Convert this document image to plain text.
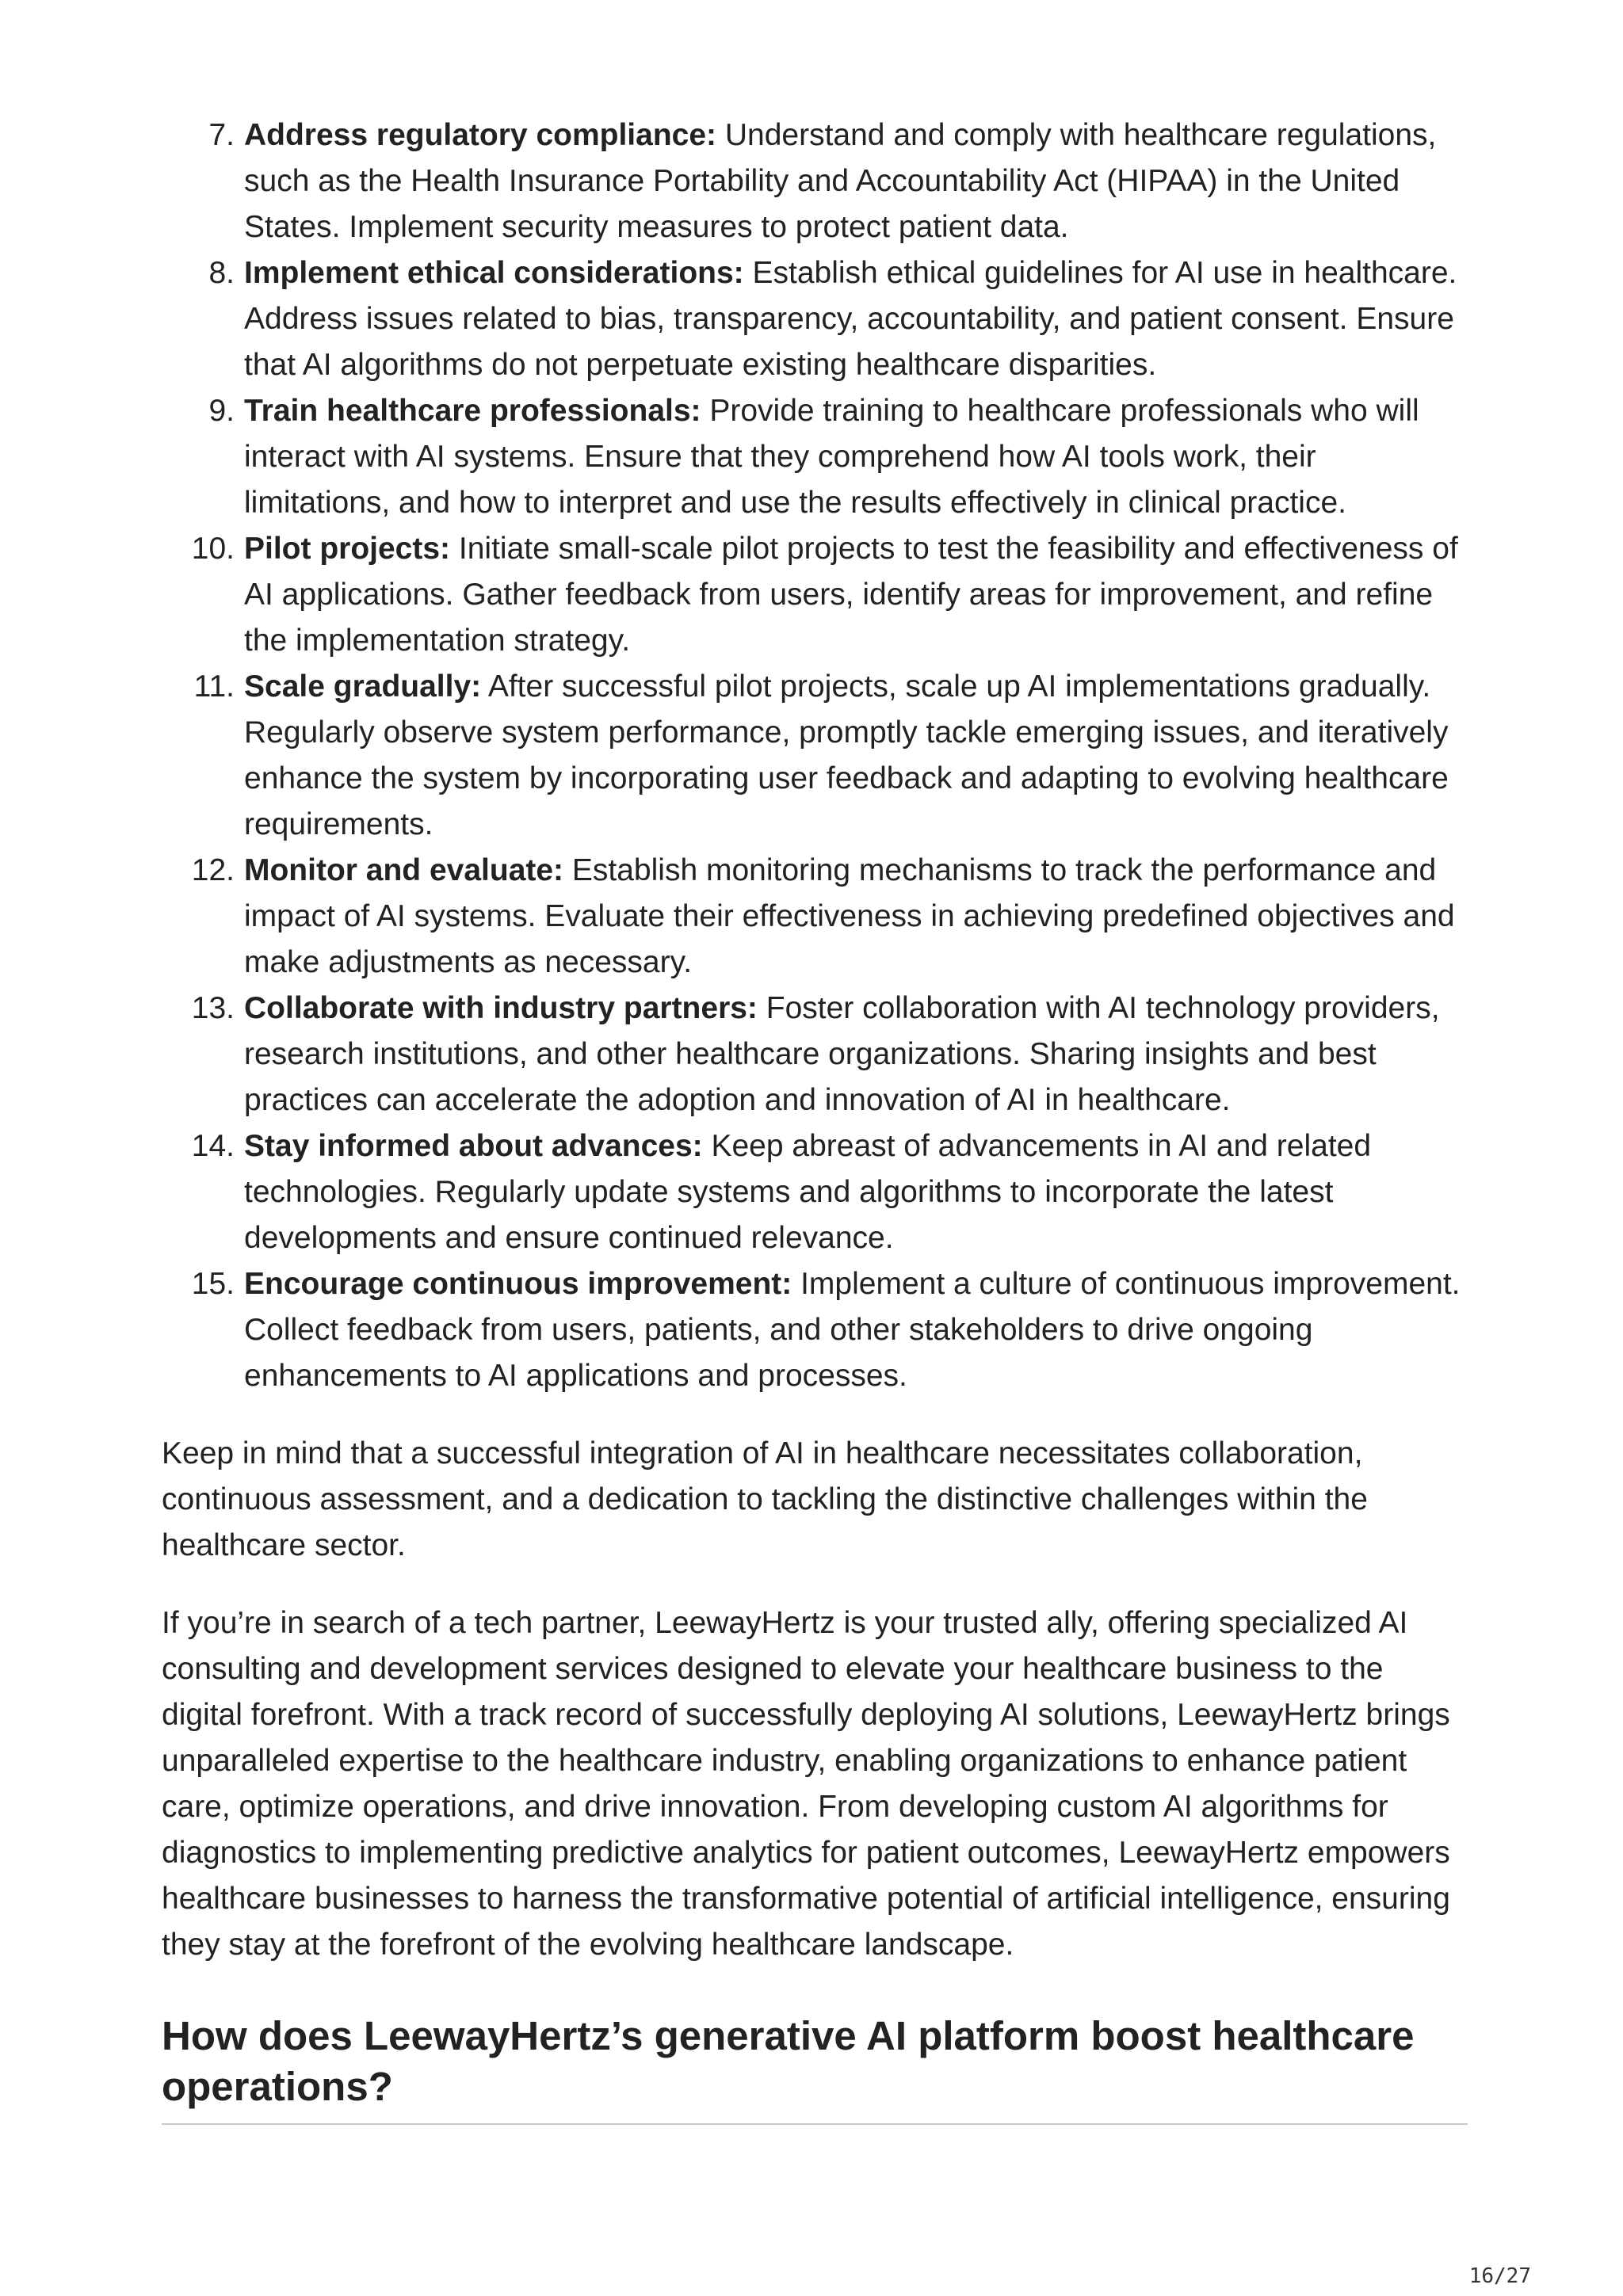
7. Address regulatory compliance: Understand and comply with healthcare regulations, such as the Health Insurance Portability and Accountability Act (HIPAA) in the United States. Implement security measures to protect patient data.
8. Implement ethical considerations: Establish ethical guidelines for AI use in healthcare. Address issues related to bias, transparency, accountability, and patient consent. Ensure that AI algorithms do not perpetuate existing healthcare disparities.
9. Train healthcare professionals: Provide training to healthcare professionals who will interact with AI systems. Ensure that they comprehend how AI tools work, their limitations, and how to interpret and use the results effectively in clinical practice.
10. Pilot projects: Initiate small-scale pilot projects to test the feasibility and effectiveness of AI applications. Gather feedback from users, identify areas for improvement, and refine the implementation strategy.
11. Scale gradually: After successful pilot projects, scale up AI implementations gradually. Regularly observe system performance, promptly tackle emerging issues, and iteratively enhance the system by incorporating user feedback and adapting to evolving healthcare requirements.
12. Monitor and evaluate: Establish monitoring mechanisms to track the performance and impact of AI systems. Evaluate their effectiveness in achieving predefined objectives and make adjustments as necessary.
13. Collaborate with industry partners: Foster collaboration with AI technology providers, research institutions, and other healthcare organizations. Sharing insights and best practices can accelerate the adoption and innovation of AI in healthcare.
14. Stay informed about advances: Keep abreast of advancements in AI and related technologies. Regularly update systems and algorithms to incorporate the latest developments and ensure continued relevance.
15. Encourage continuous improvement: Implement a culture of continuous improvement. Collect feedback from users, patients, and other stakeholders to drive ongoing enhancements to AI applications and processes.

Keep in mind that a successful integration of AI in healthcare necessitates collaboration, continuous assessment, and a dedication to tackling the distinctive challenges within the healthcare sector.

If you’re in search of a tech partner, LeewayHertz is your trusted ally, offering specialized AI consulting and development services designed to elevate your healthcare business to the digital forefront. With a track record of successfully deploying AI solutions, LeewayHertz brings unparalleled expertise to the healthcare industry, enabling organizations to enhance patient care, optimize operations, and drive innovation. From developing custom AI algorithms for diagnostics to implementing predictive analytics for patient outcomes, LeewayHertz empowers healthcare businesses to harness the transformative potential of artificial intelligence, ensuring they stay at the forefront of the evolving healthcare landscape.

How does LeewayHertz’s generative AI platform boost healthcare operations?
16/27
